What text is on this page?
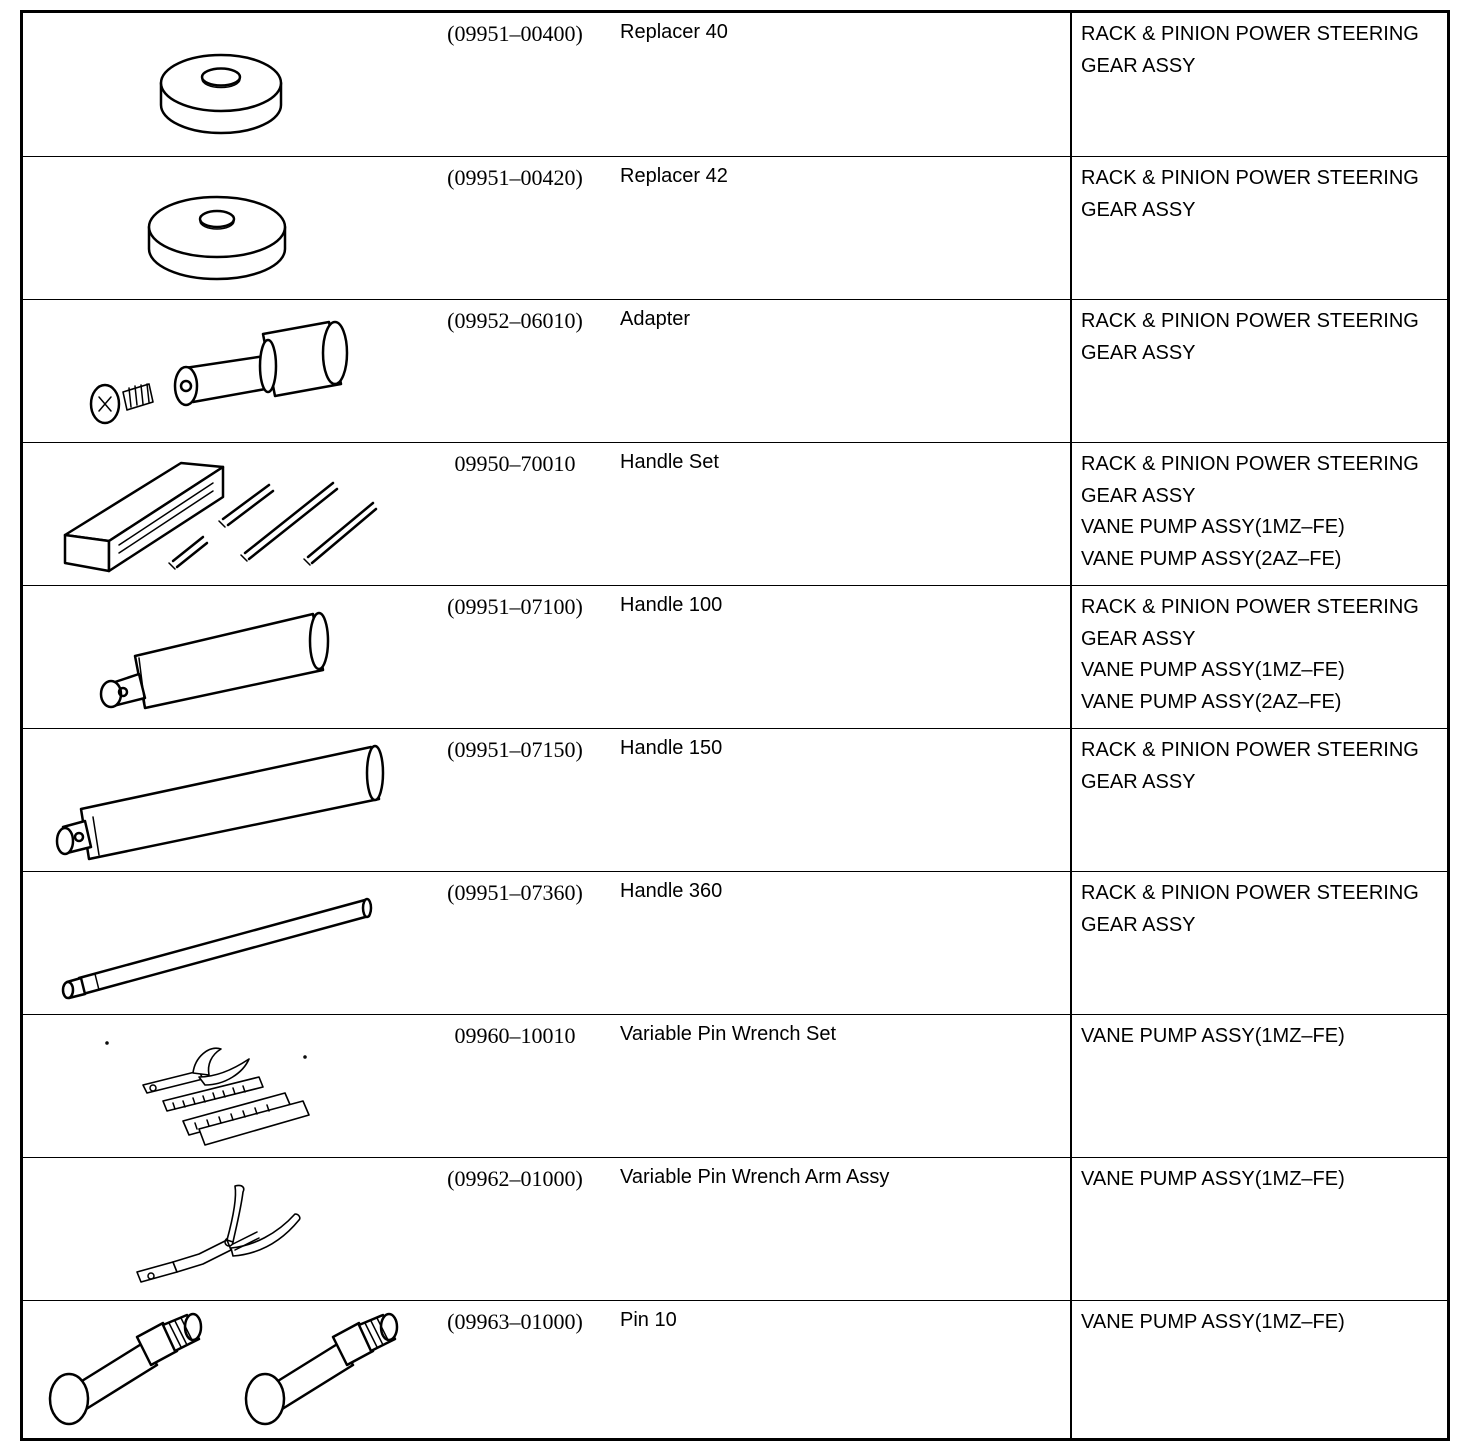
(09951–00400)	Replacer 40	RACK & PINION POWER STEERING
GEAR ASSY
(09951–00420)	Replacer 42	RACK & PINION POWER STEERING
GEAR ASSY
(09952–06010)	Adapter	RACK & PINION POWER STEERING
GEAR ASSY
09950–70010	Handle Set	RACK & PINION POWER STEERING
GEAR ASSY
VANE PUMP ASSY(1MZ–FE)
VANE PUMP ASSY(2AZ–FE)
(09951–07100)	Handle 100	RACK & PINION POWER STEERING
GEAR ASSY
VANE PUMP ASSY(1MZ–FE)
VANE PUMP ASSY(2AZ–FE)
(09951–07150)	Handle 150	RACK & PINION POWER STEERING
GEAR ASSY
(09951–07360)	Handle 360	RACK & PINION POWER STEERING
GEAR ASSY
09960–10010	Variable Pin Wrench Set	VANE PUMP ASSY(1MZ–FE)
(09962–01000)	Variable Pin Wrench Arm Assy	VANE PUMP ASSY(1MZ–FE)
(09963–01000)	Pin 10	VANE PUMP ASSY(1MZ–FE)
